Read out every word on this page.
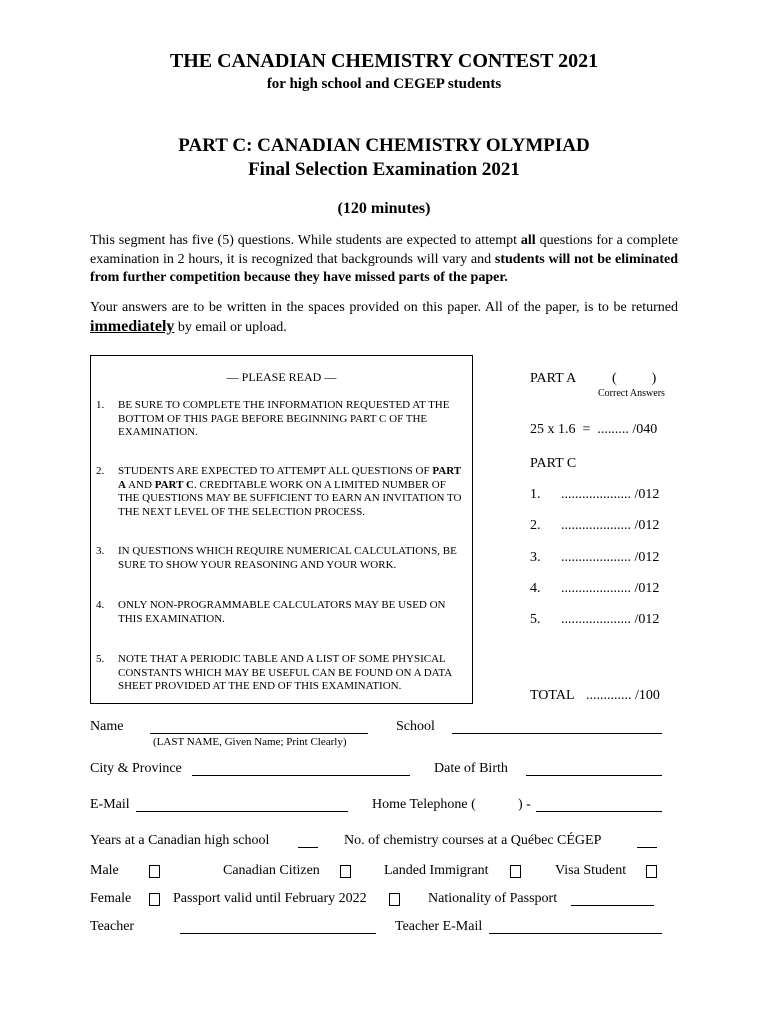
THE CANADIAN CHEMISTRY CONTEST 2021
for high school and CEGEP students
PART C: CANADIAN CHEMISTRY OLYMPIAD
Final Selection Examination 2021
(120 minutes)
This segment has five (5) questions. While students are expected to attempt all questions for a complete examination in 2 hours, it is recognized that backgrounds will vary and students will not be eliminated from further competition because they have missed parts of the paper.
Your answers are to be written in the spaces provided on this paper. All of the paper, is to be returned immediately by email or upload.
— PLEASE READ —
1.	BE SURE TO COMPLETE THE INFORMATION REQUESTED AT THE BOTTOM OF THIS PAGE BEFORE BEGINNING PART C OF THE EXAMINATION.
2.	STUDENTS ARE EXPECTED TO ATTEMPT ALL QUESTIONS OF PART A AND PART C. CREDITABLE WORK ON A LIMITED NUMBER OF THE QUESTIONS MAY BE SUFFICIENT TO EARN AN INVITATION TO THE NEXT LEVEL OF THE SELECTION PROCESS.
3.	IN QUESTIONS WHICH REQUIRE NUMERICAL CALCULATIONS, BE SURE TO SHOW YOUR REASONING AND YOUR WORK.
4.	ONLY NON-PROGRAMMABLE CALCULATORS MAY BE USED ON THIS EXAMINATION.
5.	NOTE THAT A PERIODIC TABLE AND A LIST OF SOME PHYSICAL CONSTANTS WHICH MAY BE USEFUL CAN BE FOUND ON A DATA SHEET PROVIDED AT THE END OF THIS EXAMINATION.
PART A	(          )
Correct Answers
25 x 1.6  =  ......... /040
PART C
1. .................... /012
2. .................... /012
3. .................... /012
4. .................... /012
5. .................... /012
TOTAL ............. /100
Name
(LAST NAME, Given Name; Print Clearly)
School
City & Province	Date of Birth
E-Mail	Home Telephone (	) -
Years at a Canadian high school	No. of chemistry courses at a Québec CÉGEP
Male	Canadian Citizen	Landed Immigrant	Visa Student
Female	Passport valid until February 2022	Nationality of Passport
Teacher	Teacher E-Mail
